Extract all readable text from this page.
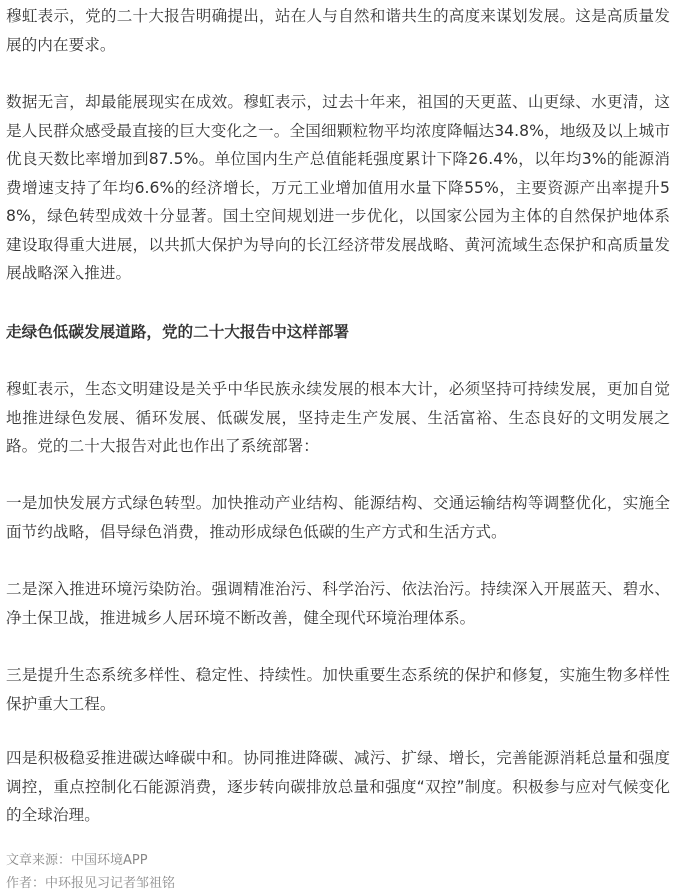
穆虹表示，党的二十大报告明确提出，站在人与自然和谐共生的高度来谋划发展。这是高质量发展的内在要求。

数据无言，却最能展现实在成效。穆虹表示，过去十年来，祖国的天更蓝、山更绿、水更清，这是人民群众感受最直接的巨大变化之一。全国细颗粒物平均浓度降幅达34.8%，地级及以上城市优良天数比率增加到87.5%。单位国内生产总值能耗强度累计下降26.4%，以年均3%的能源消费增速支持了年均6.6%的经济增长，万元工业增加值用水量下降55%，主要资源产出率提升58%，绿色转型成效十分显著。国土空间规划进一步优化，以国家公园为主体的自然保护地体系建设取得重大进展，以共抓大保护为导向的长江经济带发展战略、黄河流域生态保护和高质量发展战略深入推进。

走绿色低碳发展道路，党的二十大报告中这样部署

穆虹表示，生态文明建设是关乎中华民族永续发展的根本大计，必须坚持可持续发展，更加自觉地推进绿色发展、循环发展、低碳发展，坚持走生产发展、生活富裕、生态良好的文明发展之路。党的二十大报告对此也作出了系统部署：

一是加快发展方式绿色转型。加快推动产业结构、能源结构、交通运输结构等调整优化，实施全面节约战略，倡导绿色消费，推动形成绿色低碳的生产方式和生活方式。

二是深入推进环境污染防治。强调精准治污、科学治污、依法治污。持续深入开展蓝天、碧水、净土保卫战，推进城乡人居环境不断改善，健全现代环境治理体系。

三是提升生态系统多样性、稳定性、持续性。加快重要生态系统的保护和修复，实施生物多样性保护重大工程。

四是积极稳妥推进碳达峰碳中和。协同推进降碳、减污、扩绿、增长，完善能源消耗总量和强度调控，重点控制化石能源消费，逐步转向碳排放总量和强度“双控”制度。积极参与应对气候变化的全球治理。

文章来源：中国环境APP

作者：中环报见习记者邹祖铭
